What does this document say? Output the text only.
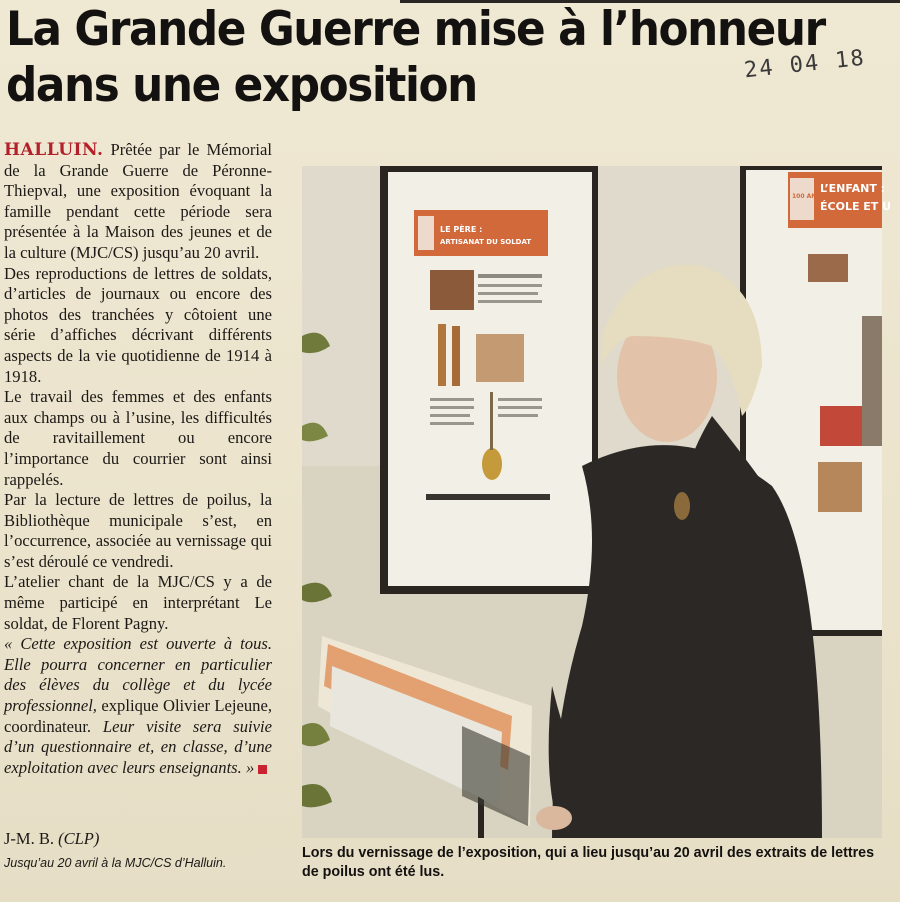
La Grande Guerre mise à l’honneur
dans une exposition	24 04 18

HALLUIN. Prêtée par le Mémorial de la Grande Guerre de Péronne-Thiepval, une exposition évoquant la famille pendant cette période sera présentée à la Maison des jeunes et de la culture (MJC/CS) jusqu’au 20 avril.

Des reproductions de lettres de soldats, d’articles de journaux ou encore des photos des tranchées y côtoient une série d’affiches décrivant différents aspects de la vie quotidienne de 1914 à 1918.

Le travail des femmes et des enfants aux champs ou à l’usine, les difficultés de ravitaillement ou encore l’importance du courrier sont ainsi rappelés.

Par la lecture de lettres de poilus, la Bibliothèque municipale s’est, en l’occurrence, associée au vernissage qui s’est déroulé ce vendredi.

L’atelier chant de la MJC/CS y a de même participé en interprétant Le soldat, de Florent Pagny.

« Cette exposition est ouverte à tous. Elle pourra concerner en particulier des élèves du collège et du lycée professionnel, explique Olivier Lejeune, coordinateur. Leur visite sera suivie d’un questionnaire et, en classe, d’une exploitation avec leurs enseignants. »

J-M. B. (CLP)
Jusqu’au 20 avril à la MJC/CS d’Halluin.
LE PÈRE :
ARTISANAT DU SOLDAT
100 ANS 14-18
L’ENFANT :
ÉCOLE ET U
Lors du vernissage de l’exposition, qui a lieu jusqu’au 20 avril des extraits de lettres de poilus ont été lus.
